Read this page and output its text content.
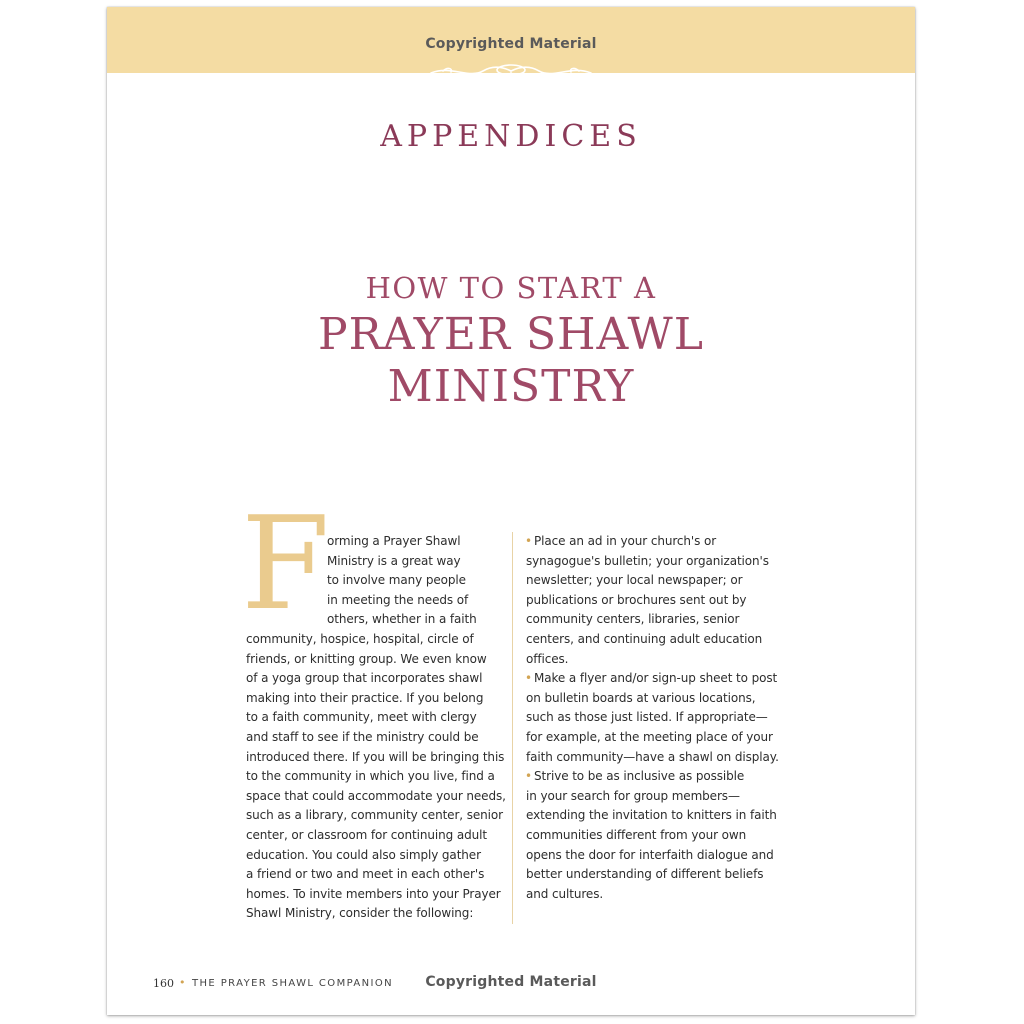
Copyrighted Material
APPENDICES
HOW TO START A
PRAYER SHAWL
MINISTRY
F
orming a Prayer Shawl
Ministry is a great way
to involve many people
in meeting the needs of
others, whether in a faith
community, hospice, hospital, circle of
friends, or knitting group. We even know
of a yoga group that incorporates shawl
making into their practice. If you belong
to a faith community, meet with clergy
and staff to see if the ministry could be
introduced there. If you will be bringing this
to the community in which you live, find a
space that could accommodate your needs,
such as a library, community center, senior
center, or classroom for continuing adult
education. You could also simply gather
a friend or two and meet in each other's
homes. To invite members into your Prayer
Shawl Ministry, consider the following:
• Place an ad in your church's or
synagogue's bulletin; your organization's
newsletter; your local newspaper; or
publications or brochures sent out by
community centers, libraries, senior
centers, and continuing adult education
offices.
• Make a flyer and/or sign-up sheet to post
on bulletin boards at various locations,
such as those just listed. If appropriate—
for example, at the meeting place of your
faith community—have a shawl on display.
• Strive to be as inclusive as possible
in your search for group members—
extending the invitation to knitters in faith
communities different from your own
opens the door for interfaith dialogue and
better understanding of different beliefs
and cultures.
Copyrighted Material
160 • THE PRAYER SHAWL COMPANION
